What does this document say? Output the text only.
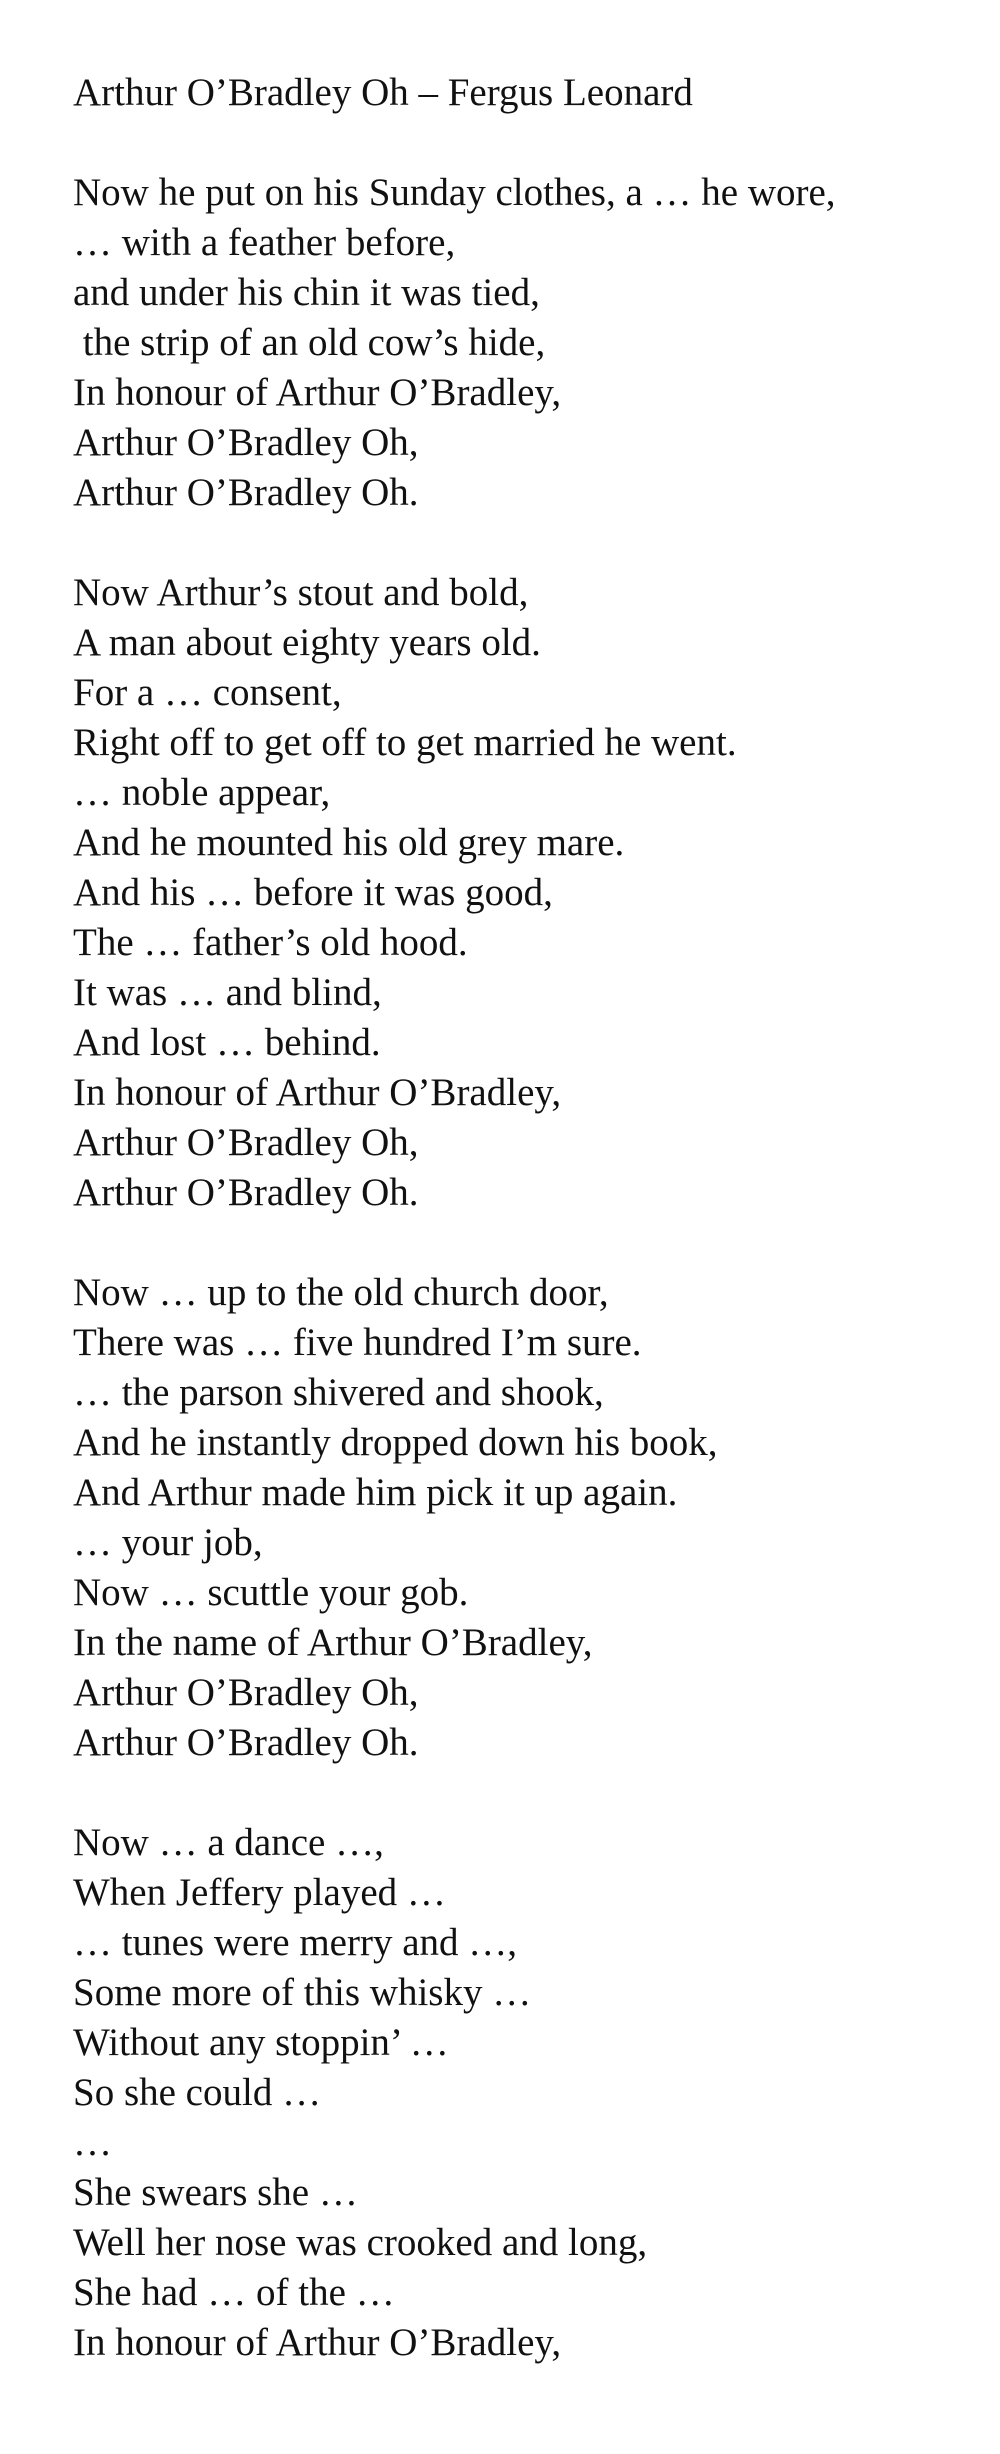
Arthur O’Bradley Oh – Fergus Leonard
Now he put on his Sunday clothes, a … he wore,
… with a feather before,
and under his chin it was tied,
the strip of an old cow’s hide,
In honour of Arthur O’Bradley,
Arthur O’Bradley Oh,
Arthur O’Bradley Oh.
Now Arthur’s stout and bold,
A man about eighty years old.
For a … consent,
Right off to get off to get married he went.
… noble appear,
And he mounted his old grey mare.
And his … before it was good,
The … father’s old hood.
It was … and blind,
And lost … behind.
In honour of Arthur O’Bradley,
Arthur O’Bradley Oh,
Arthur O’Bradley Oh.
Now … up to the old church door,
There was … five hundred I’m sure.
… the parson shivered and shook,
And he instantly dropped down his book,
And Arthur made him pick it up again.
… your job,
Now … scuttle your gob.
In the name of Arthur O’Bradley,
Arthur O’Bradley Oh,
Arthur O’Bradley Oh.
Now … a dance …,
When Jeffery played …
… tunes were merry and …,
Some more of this whisky …
Without any stoppin’ …
So she could …
…
She swears she …
Well her nose was crooked and long,
She had … of the …
In honour of Arthur O’Bradley,
